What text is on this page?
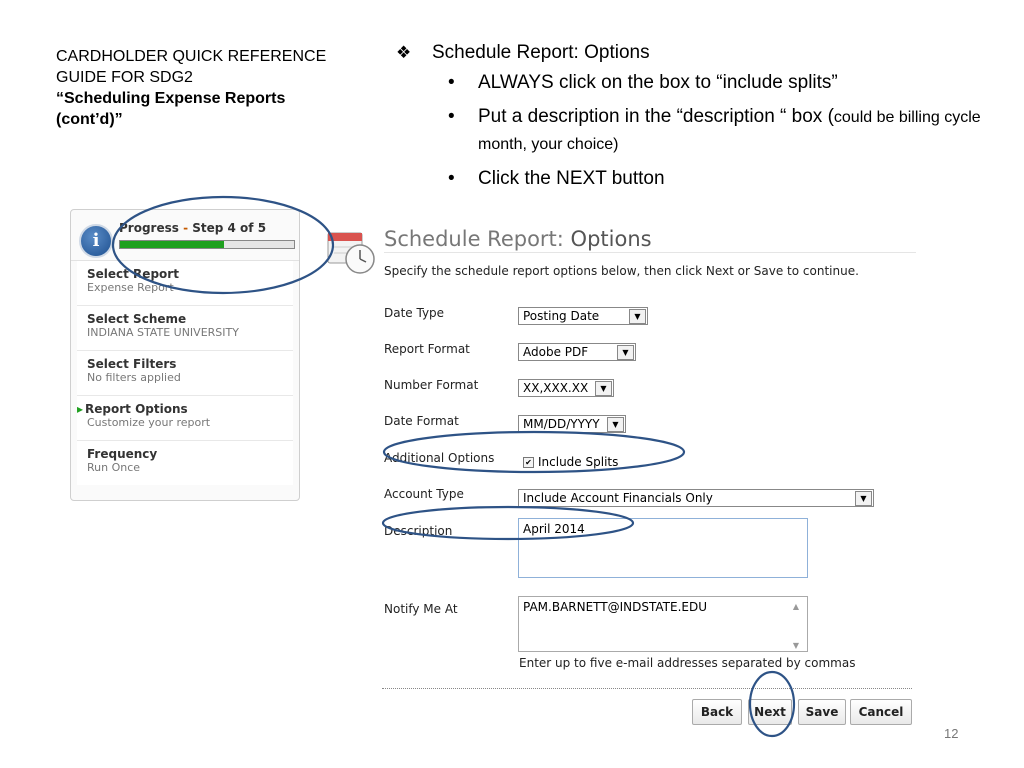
CARDHOLDER QUICK REFERENCE
GUIDE FOR SDG2
“Scheduling Expense Reports
(cont’d)”
❖ Schedule Report: Options
• ALWAYS click on the box to “include splits”
• Put a description in the “description “ box (could be billing cycle month, your choice)
• Click the NEXT button
i
Progress - Step 4 of 5
Select Report
Expense Report
Select Scheme
INDIANA STATE UNIVERSITY
Select Filters
No filters applied
▸ Report Options
Customize your report
Frequency
Run Once
Schedule Report: Options
Specify the schedule report options below, then click Next or Save to continue.
Date Type	Posting Date	▼
Report Format	Adobe PDF	▼
Number Format	XX,XXX.XX	▼
Date Format	MM/DD/YYYY	▼
Additional Options	✔ Include Splits
Account Type	Include Account Financials Only	▼
Description	April 2014
Notify Me At	PAM.BARNETT@INDSTATE.EDU	▲
▼
Enter up to five e-mail addresses separated by commas
Back	Next	Save	Cancel
12
